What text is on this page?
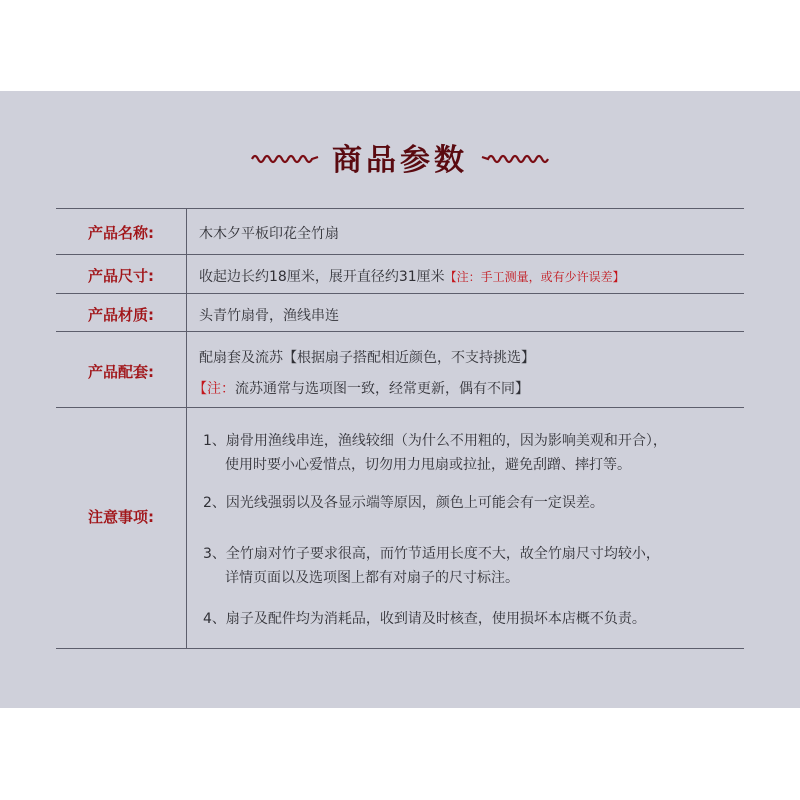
商品参数
产品名称:	木木夕平板印花全竹扇
产品尺寸:	收起边长约18厘米，展开直径约31厘米【注：手工测量，或有少许误差】
产品材质:	头青竹扇骨，渔线串连
产品配套:
配扇套及流苏【根据扇子搭配相近颜色，不支持挑选】
【注：流苏通常与选项图一致，经常更新，偶有不同】
注意事项:
1、扇骨用渔线串连，渔线较细（为什么不用粗的，因为影响美观和开合），
使用时要小心爱惜点，切勿用力甩扇或拉扯，避免刮蹭、摔打等。
2、因光线强弱以及各显示端等原因，颜色上可能会有一定误差。
3、全竹扇对竹子要求很高，而竹节适用长度不大，故全竹扇尺寸均较小，
详情页面以及选项图上都有对扇子的尺寸标注。
4、扇子及配件均为消耗品，收到请及时核查，使用损坏本店概不负责。
